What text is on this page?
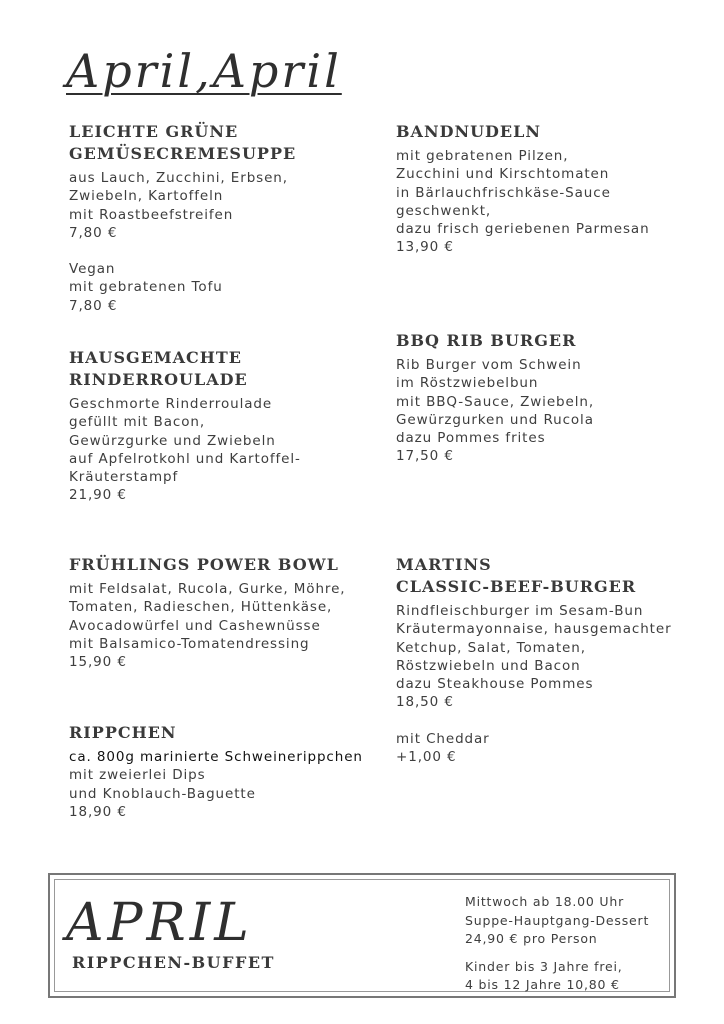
April,April
LEICHTE GRÜNE
GEMÜSECREMESUPPE

aus Lauch, Zucchini, Erbsen,
Zwiebeln, Kartoffeln
mit Roastbeefstreifen
7,80 €

Vegan
mit gebratenen Tofu
7,80 €

HAUSGEMACHTE
RINDERROULADE

Geschmorte Rinderroulade
gefüllt mit Bacon,
Gewürzgurke und Zwiebeln
auf Apfelrotkohl und Kartoffel-
Kräuterstampf
21,90 €

FRÜHLINGS POWER BOWL

mit Feldsalat, Rucola, Gurke, Möhre,
Tomaten, Radieschen, Hüttenkäse,
Avocadowürfel und Cashewnüsse
mit Balsamico-Tomatendressing
15,90 €

RIPPCHEN

ca. 800g marinierte Schweinerippchen
mit zweierlei Dips
und Knoblauch-Baguette
18,90 €

BANDNUDELN

mit gebratenen Pilzen,
Zucchini und Kirschtomaten
in Bärlauchfrischkäse-Sauce
geschwenkt,
dazu frisch geriebenen Parmesan
13,90 €

BBQ RIB BURGER

Rib Burger vom Schwein
im Röstzwiebelbun
mit BBQ-Sauce, Zwiebeln,
Gewürzgurken und Rucola
dazu Pommes frites
17,50 €

MARTINS
CLASSIC-BEEF-BURGER

Rindfleischburger im Sesam-Bun
Kräutermayonnaise, hausgemachter
Ketchup, Salat, Tomaten,
Röstzwiebeln und Bacon
dazu Steakhouse Pommes
18,50 €

mit Cheddar
+1,00 €

APRIL
RIPPCHEN-BUFFET

Mittwoch ab 18.00 Uhr
Suppe-Hauptgang-Dessert
24,90 € pro Person

Kinder bis 3 Jahre frei,
4 bis 12 Jahre 10,80 €
